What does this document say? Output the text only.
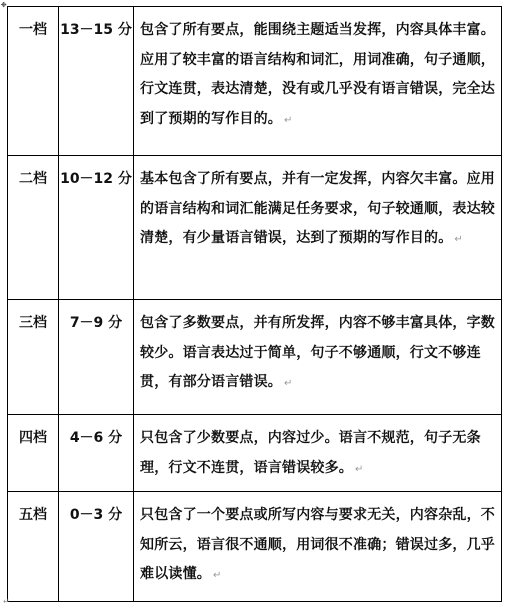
✥
一档	13－15 分	包含了所有要点，能围绕主题适当发挥，内容具体丰富。应用了较丰富的语言结构和词汇，用词准确，句子通顺，行文连贯，表达清楚，没有或几乎没有语言错误，完全达到了预期的写作目的。 ↵
二档	10－12 分	基本包含了所有要点，并有一定发挥，内容欠丰富。应用的语言结构和词汇能满足任务要求，句子较通顺，表达较清楚，有少量语言错误，达到了预期的写作目的。 ↵
三档	7－9 分	包含了多数要点，并有所发挥，内容不够丰富具体，字数较少。语言表达过于简单，句子不够通顺，行文不够连贯，有部分语言错误。 ↵
四档	4－6 分	只包含了少数要点，内容过少。语言不规范，句子无条理，行文不连贯，语言错误较多。 ↵
五档	0－3 分	只包含了一个要点或所写内容与要求无关，内容杂乱，不知所云，语言很不通顺，用词很不准确；错误过多，几乎难以读懂。 ↵
↵
